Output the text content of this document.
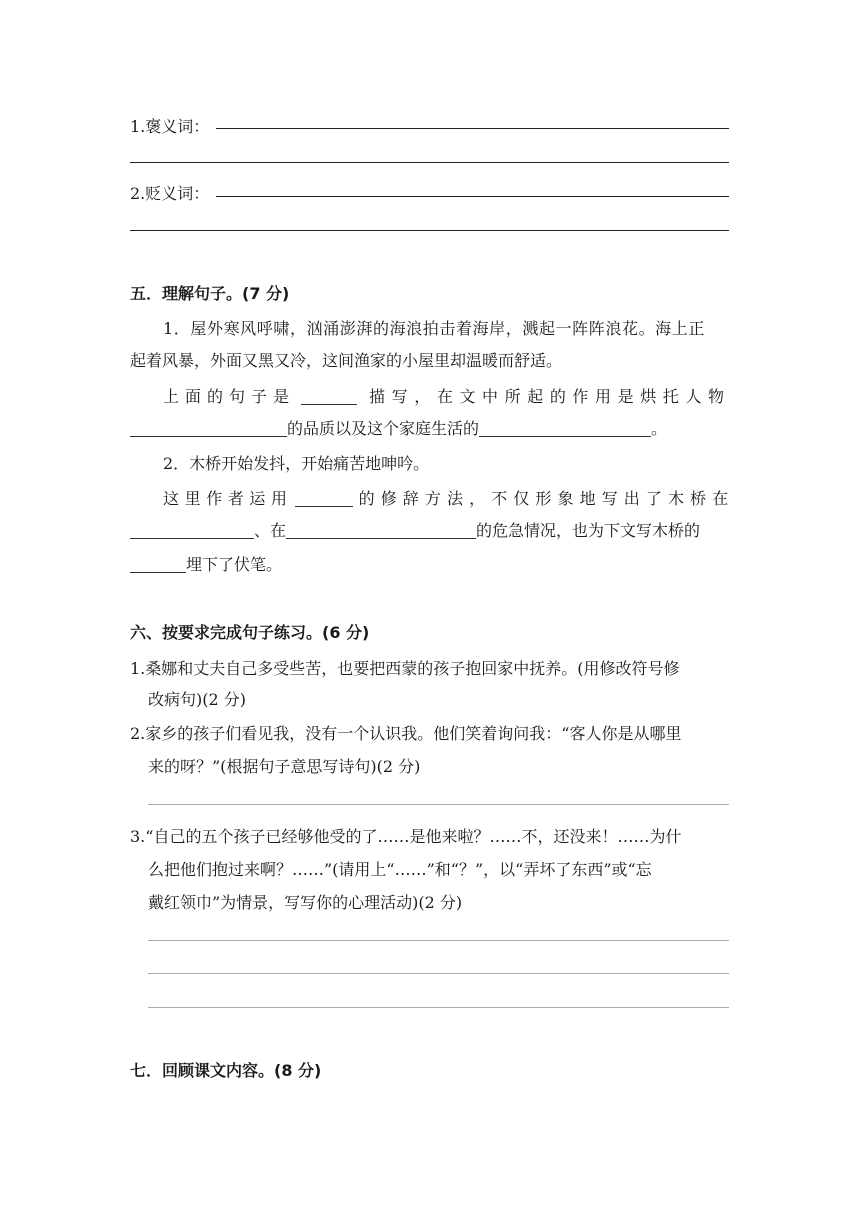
1.褒义词：
2.贬义词：
五．理解句子。(7 分)
1．屋外寒风呼啸，汹涌澎湃的海浪拍击着海岸，溅起一阵阵浪花。海上正
起着风暴，外面又黑又冷，这间渔家的小屋里却温暖而舒适。
上面的句子是	描写，在文中所起的作用是烘托人物
的品质以及这个家庭生活的	。
2．木桥开始发抖，开始痛苦地呻吟。
这里作者运用	的修辞方法，不仅形象地写出了木桥在
、在	的危急情况，也为下文写木桥的
埋下了伏笔。
六、按要求完成句子练习。(6 分)
1.桑娜和丈夫自己多受些苦，也要把西蒙的孩子抱回家中抚养。(用修改符号修
改病句)(2 分)
2.家乡的孩子们看见我，没有一个认识我。他们笑着询问我：“客人你是从哪里
来的呀？”(根据句子意思写诗句)(2 分)
3.“自己的五个孩子已经够他受的了……是他来啦？……不，还没来！……为什
么把他们抱过来啊？……”(请用上“……”和“？”，以“弄坏了东西”或“忘
戴红领巾”为情景，写写你的心理活动)(2 分)
七．回顾课文内容。(8 分)
